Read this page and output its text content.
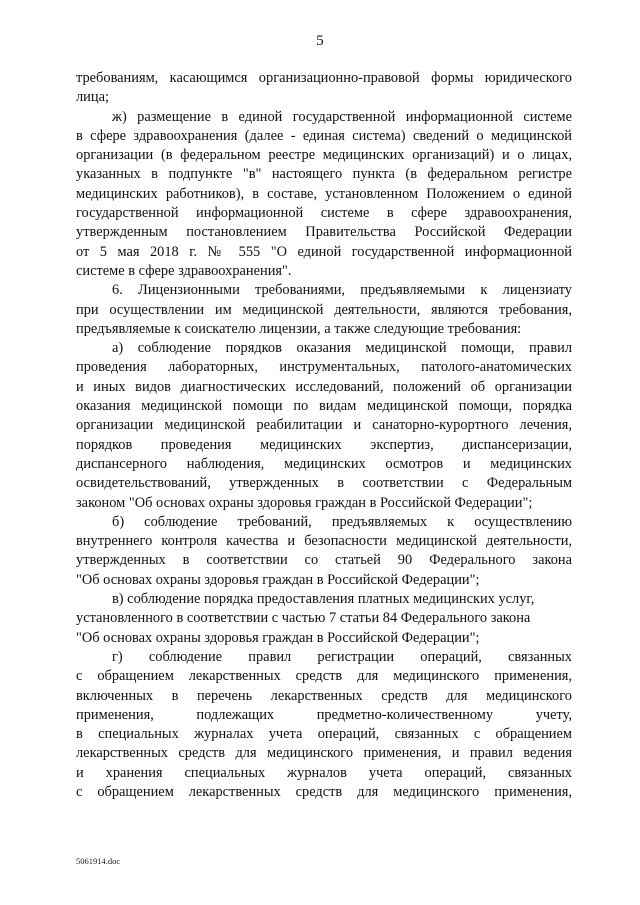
5
требованиям, касающимся организационно-правовой формы юридического
лица;
ж) размещение в единой государственной информационной системе
в сфере здравоохранения (далее - единая система) сведений о медицинской
организации (в федеральном реестре медицинских организаций) и о лицах,
указанных в подпункте "в" настоящего пункта (в федеральном регистре
медицинских работников), в составе, установленном Положением о единой
государственной информационной системе в сфере здравоохранения,
утвержденным постановлением Правительства Российской Федерации
от 5 мая 2018 г. № 555 "О единой государственной информационной
системе в сфере здравоохранения".
6. Лицензионными требованиями, предъявляемыми к лицензиату
при осуществлении им медицинской деятельности, являются требования,
предъявляемые к соискателю лицензии, а также следующие требования:
а) соблюдение порядков оказания медицинской помощи, правил
проведения лабораторных, инструментальных, патолого-анатомических
и иных видов диагностических исследований, положений об организации
оказания медицинской помощи по видам медицинской помощи, порядка
организации медицинской реабилитации и санаторно-курортного лечения,
порядков проведения медицинских экспертиз, диспансеризации,
диспансерного наблюдения, медицинских осмотров и медицинских
освидетельствований, утвержденных в соответствии с Федеральным
законом "Об основах охраны здоровья граждан в Российской Федерации";
б) соблюдение требований, предъявляемых к осуществлению
внутреннего контроля качества и безопасности медицинской деятельности,
утвержденных в соответствии со статьей 90 Федерального закона
"Об основах охраны здоровья граждан в Российской Федерации";
в) соблюдение порядка предоставления платных медицинских услуг,
установленного в соответствии с частью 7 статьи 84 Федерального закона
"Об основах охраны здоровья граждан в Российской Федерации";
г) соблюдение правил регистрации операций, связанных
с обращением лекарственных средств для медицинского применения,
включенных в перечень лекарственных средств для медицинского
применения, подлежащих предметно-количественному учету,
в специальных журналах учета операций, связанных с обращением
лекарственных средств для медицинского применения, и правил ведения
и хранения специальных журналов учета операций, связанных
с обращением лекарственных средств для медицинского применения,
5061914.doc
